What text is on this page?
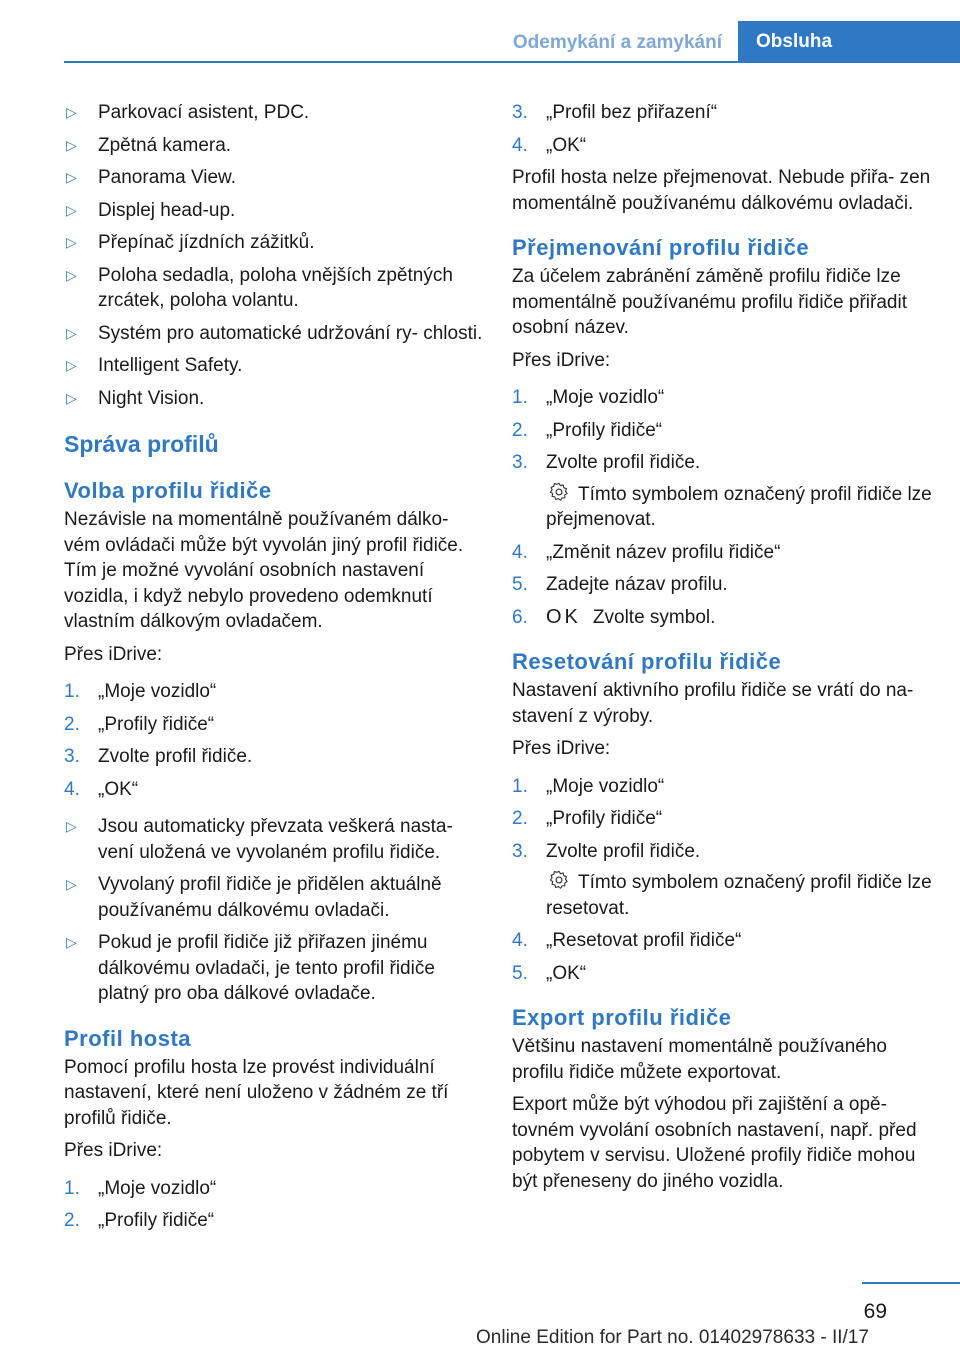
Odemykání a zamykání	Obsluha
▷ Parkovací asistent, PDC.
▷ Zpětná kamera.
▷ Panorama View.
▷ Displej head-up.
▷ Přepínač jízdních zážitků.
▷ Poloha sedadla, poloha vnějších zpětných zrcátek, poloha volantu.
▷ Systém pro automatické udržování ry‐ chlosti.
▷ Intelligent Safety.
▷ Night Vision.
Správa profilů
Volba profilu řidiče

Nezávisle na momentálně používaném dálko‐ vém ovládači může být vyvolán jiný profil řidiče. Tím je možné vyvolání osobních nastavení vozidla, i když nebylo provedeno odemknutí vlastním dálkovým ovladačem.

Přes iDrive:

1. „Moje vozidlo“
2. „Profily řidiče“
3. Zvolte profil řidiče.
4. „OK“
▷ Jsou automaticky převzata veškerá nasta‐ vení uložená ve vyvolaném profilu řidiče.
▷ Vyvolaný profil řidiče je přidělen aktuálně používanému dálkovému ovladači.
▷ Pokud je profil řidiče již přiřazen jinému dálkovému ovladači, je tento profil řidiče platný pro oba dálkové ovladače.
Profil hosta

Pomocí profilu hosta lze provést individuální nastavení, které není uloženo v žádném ze tří profilů řidiče.

Přes iDrive:

1. „Moje vozidlo“
2. „Profily řidiče“
3. „Profil bez přiřazení“
4. „OK“

Profil hosta nelze přejmenovat. Nebude přiřa‐ zen momentálně používanému dálkovému ovladači.

Přejmenování profilu řidiče

Za účelem zabránění záměně profilu řidiče lze momentálně používanému profilu řidiče přiřadit osobní název.

Přes iDrive:

1. „Moje vozidlo“
2. „Profily řidiče“
3. Zvolte profil řidiče.
Tímto symbolem označený profil řidiče lze přejmenovat.
4. „Změnit název profilu řidiče“
5. Zadejte názav profilu.
6. OK Zvolte symbol.
Resetování profilu řidiče

Nastavení aktivního profilu řidiče se vrátí do na‐ stavení z výroby.

Přes iDrive:

1. „Moje vozidlo“
2. „Profily řidiče“
3. Zvolte profil řidiče.
Tímto symbolem označený profil řidiče lze resetovat.
4. „Resetovat profil řidiče“
5. „OK“
Export profilu řidiče

Většinu nastavení momentálně používaného profilu řidiče můžete exportovat.

Export může být výhodou při zajištění a opě‐ tovném vyvolání osobních nastavení, např. před pobytem v servisu. Uložené profily řidiče mohou být přeneseny do jiného vozidla.

69
Online Edition for Part no. 01402978633 - II/17
